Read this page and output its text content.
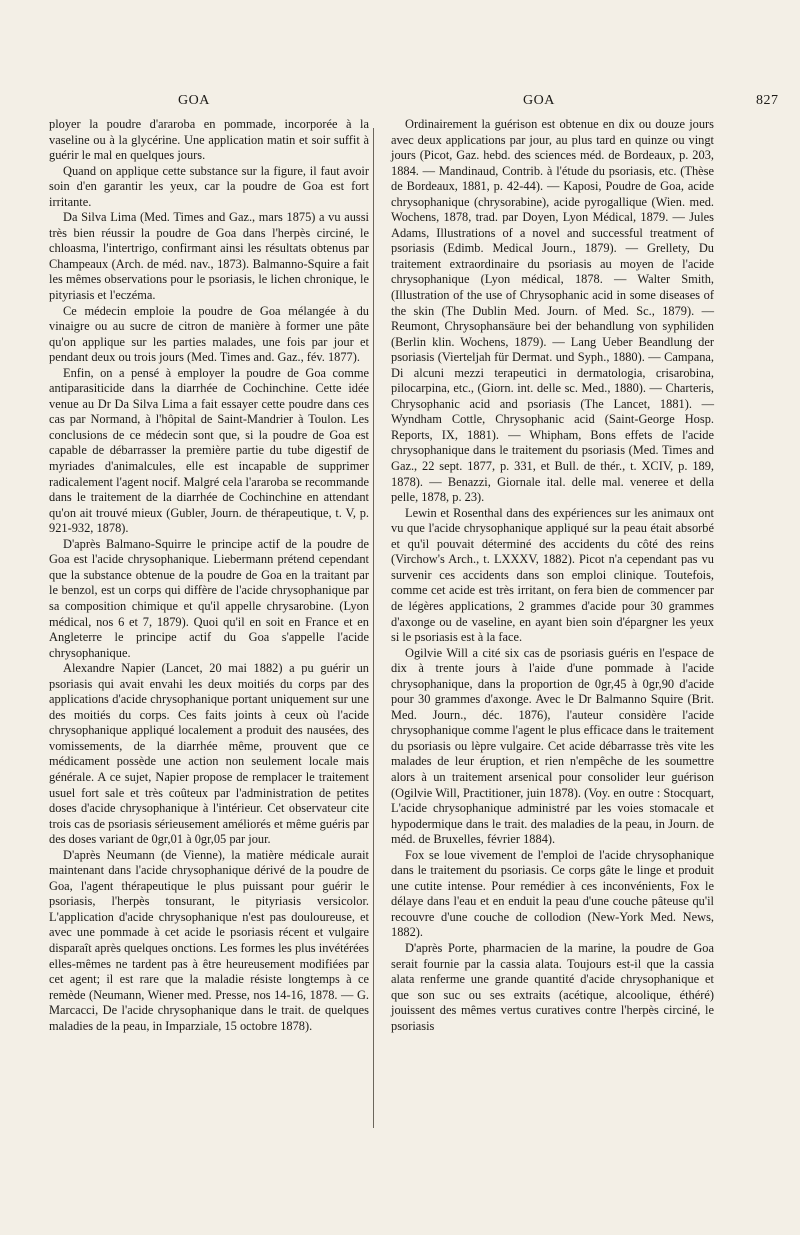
GOA	GOA	827

ployer la poudre d'araroba en pommade, incorporée à la vaseline ou à la glycérine. Une application matin et soir suffit à guérir le mal en quelques jours.

Quand on applique cette substance sur la figure, il faut avoir soin d'en garantir les yeux, car la poudre de Goa est fort irritante.

Da Silva Lima (Med. Times and Gaz., mars 1875) a vu aussi très bien réussir la poudre de Goa dans l'herpès circiné, le chloasma, l'intertrigo, confirmant ainsi les résultats obtenus par Champeaux (Arch. de méd. nav., 1873). Balmanno-Squire a fait les mêmes observations pour le psoriasis, le lichen chronique, le pityriasis et l'eczéma.

Ce médecin emploie la poudre de Goa mélangée à du vinaigre ou au sucre de citron de manière à former une pâte qu'on applique sur les parties malades, une fois par jour et pendant deux ou trois jours (Med. Times and. Gaz., fév. 1877).

Enfin, on a pensé à employer la poudre de Goa comme antiparasiticide dans la diarrhée de Cochinchine. Cette idée venue au Dr Da Silva Lima a fait essayer cette poudre dans ces cas par Normand, à l'hôpital de Saint-Mandrier à Toulon. Les conclusions de ce médecin sont que, si la poudre de Goa est capable de débarrasser la première partie du tube digestif de myriades d'animalcules, elle est incapable de supprimer radicalement l'agent nocif. Malgré cela l'araroba se recommande dans le traitement de la diarrhée de Cochinchine en attendant qu'on ait trouvé mieux (Gubler, Journ. de thérapeutique, t. V, p. 921-932, 1878).

D'après Balmano-Squirre le principe actif de la poudre de Goa est l'acide chrysophanique. Liebermann prétend cependant que la substance obtenue de la poudre de Goa en la traitant par le benzol, est un corps qui diffère de l'acide chrysophanique par sa composition chimique et qu'il appelle chrysarobine. (Lyon médical, nos 6 et 7, 1879). Quoi qu'il en soit en France et en Angleterre le principe actif du Goa s'appelle l'acide chrysophanique.

Alexandre Napier (Lancet, 20 mai 1882) a pu guérir un psoriasis qui avait envahi les deux moitiés du corps par des applications d'acide chrysophanique portant uniquement sur une des moitiés du corps. Ces faits joints à ceux où l'acide chrysophanique appliqué localement a produit des nausées, des vomissements, de la diarrhée même, prouvent que ce médicament possède une action non seulement locale mais générale. A ce sujet, Napier propose de remplacer le traitement usuel fort sale et très coûteux par l'administration de petites doses d'acide chrysophanique à l'intérieur. Cet observateur cite trois cas de psoriasis sérieusement améliorés et même guéris par des doses variant de 0gr,01 à 0gr,05 par jour.

D'après Neumann (de Vienne), la matière médicale aurait maintenant dans l'acide chrysophanique dérivé de la poudre de Goa, l'agent thérapeutique le plus puissant pour guérir le psoriasis, l'herpès tonsurant, le pityriasis versicolor. L'application d'acide chrysophanique n'est pas douloureuse, et avec une pommade à cet acide le psoriasis récent et vulgaire disparaît après quelques onctions. Les formes les plus invétérées elles-mêmes ne tardent pas à être heureusement modifiées par cet agent; il est rare que la maladie résiste longtemps à ce remède (Neumann, Wiener med. Presse, nos 14-16, 1878. — G. Marcacci, De l'acide chrysophanique dans le trait. de quelques maladies de la peau, in Imparziale, 15 octobre 1878).

Ordinairement la guérison est obtenue en dix ou douze jours avec deux applications par jour, au plus tard en quinze ou vingt jours (Picot, Gaz. hebd. des sciences méd. de Bordeaux, p. 203, 1884. — Mandinaud, Contrib. à l'étude du psoriasis, etc. (Thèse de Bordeaux, 1881, p. 42-44). — Kaposi, Poudre de Goa, acide chrysophanique (chrysorabine), acide pyrogallique (Wien. med. Wochens, 1878, trad. par Doyen, Lyon Médical, 1879. — Jules Adams, Illustrations of a novel and successful treatment of psoriasis (Edimb. Medical Journ., 1879). — Grellety, Du traitement extraordinaire du psoriasis au moyen de l'acide chrysophanique (Lyon médical, 1878. — Walter Smith, (Illustration of the use of Chrysophanic acid in some diseases of the skin (The Dublin Med. Journ. of Med. Sc., 1879). — Reumont, Chrysophansäure bei der behandlung von syphiliden (Berlin klin. Wochens, 1879). — Lang Ueber Beandlung der psoriasis (Vierteljah für Dermat. und Syph., 1880). — Campana, Di alcuni mezzi terapeutici in dermatologia, crisarobina, pilocarpina, etc., (Giorn. int. delle sc. Med., 1880). — Charteris, Chrysophanic acid and psoriasis (The Lancet, 1881). — Wyndham Cottle, Chrysophanic acid (Saint-George Hosp. Reports, IX, 1881). — Whipham, Bons effets de l'acide chrysophanique dans le traitement du psoriasis (Med. Times and Gaz., 22 sept. 1877, p. 331, et Bull. de thér., t. XCIV, p. 189, 1878). — Benazzi, Giornale ital. delle mal. veneree et della pelle, 1878, p. 23).

Lewin et Rosenthal dans des expériences sur les animaux ont vu que l'acide chrysophanique appliqué sur la peau était absorbé et qu'il pouvait déterminé des accidents du côté des reins (Virchow's Arch., t. LXXXV, 1882). Picot n'a cependant pas vu survenir ces accidents dans son emploi clinique. Toutefois, comme cet acide est très irritant, on fera bien de commencer par de légères applications, 2 grammes d'acide pour 30 grammes d'axonge ou de vaseline, en ayant bien soin d'épargner les yeux si le psoriasis est à la face.

Ogilvie Will a cité six cas de psoriasis guéris en l'espace de dix à trente jours à l'aide d'une pommade à l'acide chrysophanique, dans la proportion de 0gr,45 à 0gr,90 d'acide pour 30 grammes d'axonge. Avec le Dr Balmanno Squire (Brit. Med. Journ., déc. 1876), l'auteur considère l'acide chrysophanique comme l'agent le plus efficace dans le traitement du psoriasis ou lèpre vulgaire. Cet acide débarrasse très vite les malades de leur éruption, et rien n'empêche de les soumettre alors à un traitement arsenical pour consolider leur guérison (Ogilvie Will, Practitioner, juin 1878). (Voy. en outre : Stocquart, L'acide chrysophanique administré par les voies stomacale et hypodermique dans le trait. des maladies de la peau, in Journ. de méd. de Bruxelles, février 1884).

Fox se loue vivement de l'emploi de l'acide chrysophanique dans le traitement du psoriasis. Ce corps gâte le linge et produit une cutite intense. Pour remédier à ces inconvénients, Fox le délaye dans l'eau et en enduit la peau d'une couche pâteuse qu'il recouvre d'une couche de collodion (New-York Med. News, 1882).

D'après Porte, pharmacien de la marine, la poudre de Goa serait fournie par la cassia alata. Toujours est-il que la cassia alata renferme une grande quantité d'acide chrysophanique et que son suc ou ses extraits (acétique, alcoolique, éthéré) jouissent des mêmes vertus curatives contre l'herpès circiné, le psoriasis
